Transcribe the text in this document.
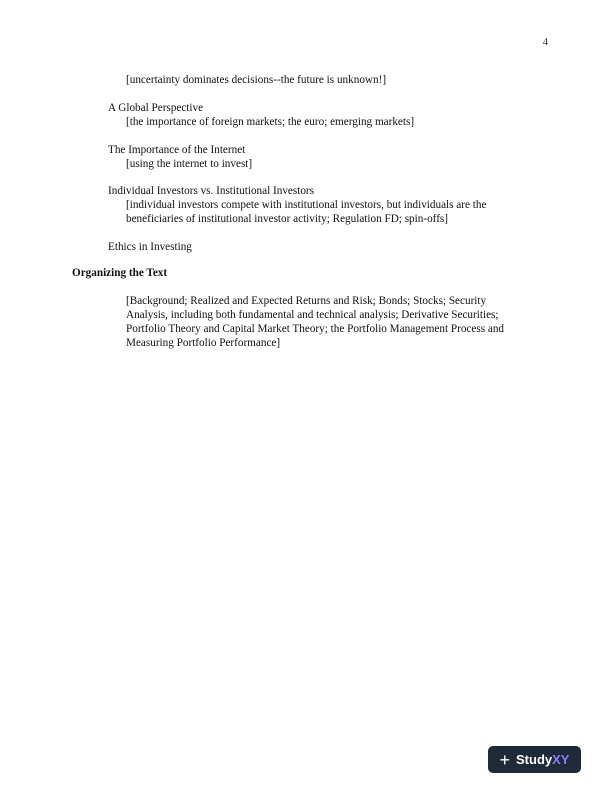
4
[uncertainty dominates decisions--the future is unknown!]
A Global Perspective
[the importance of foreign markets; the euro; emerging markets]
The Importance of the Internet
[using the internet to invest]
Individual Investors vs. Institutional Investors
[individual investors compete with institutional investors, but individuals are the
beneficiaries of institutional investor activity; Regulation FD; spin-offs]
Ethics in Investing
Organizing the Text
[Background; Realized and Expected Returns and Risk; Bonds; Stocks; Security
Analysis, including both fundamental and technical analysis; Derivative Securities;
Portfolio Theory and Capital Market Theory; the Portfolio Management Process and
Measuring Portfolio Performance]
+ StudyXY
